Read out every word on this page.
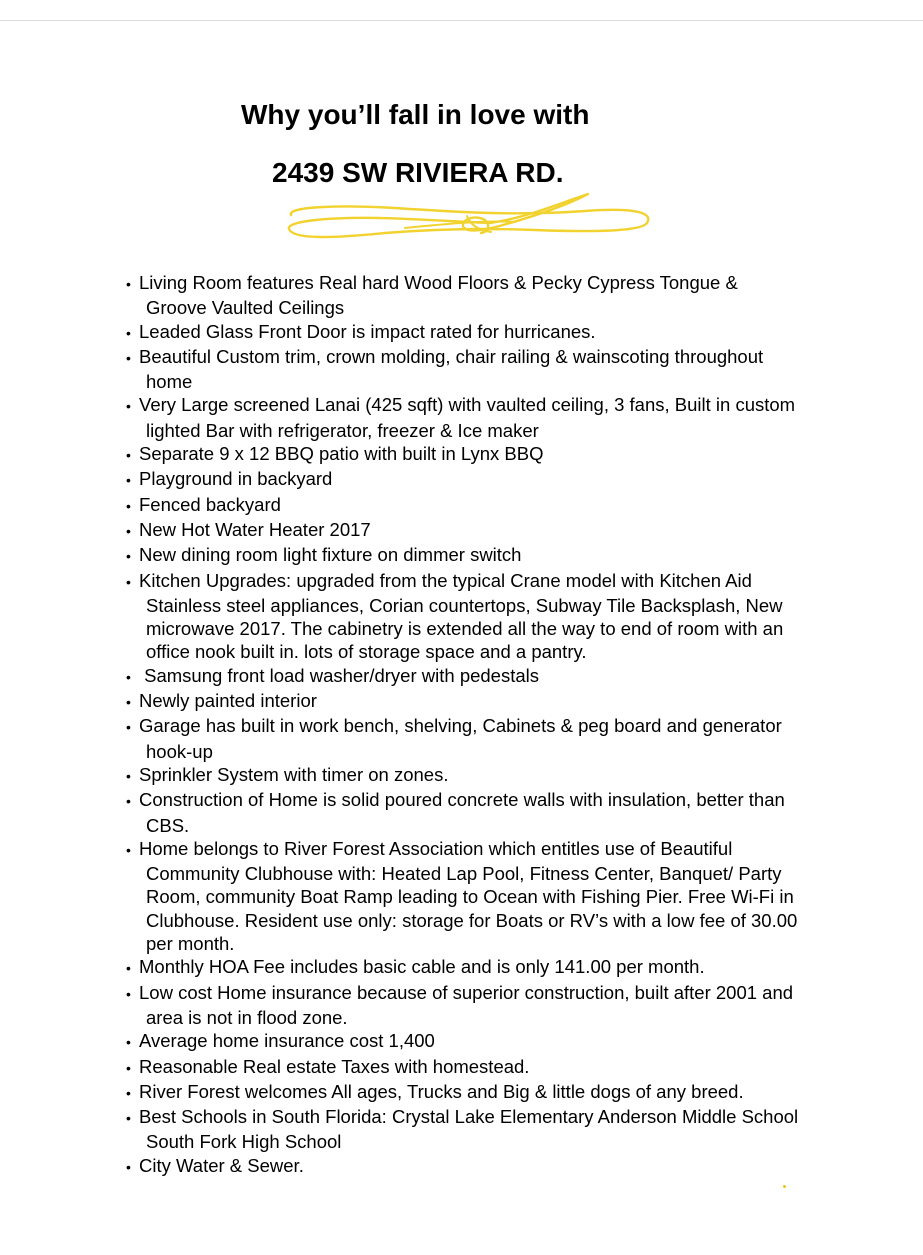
Why you’ll fall in love with
2439 SW RIVIERA RD.
• Living Room features Real hard Wood Floors & Pecky Cypress Tongue & Groove Vaulted Ceilings
• Leaded Glass Front Door is impact rated for hurricanes.
• Beautiful Custom trim, crown molding, chair railing & wainscoting throughout home
• Very Large screened Lanai (425 sqft) with vaulted ceiling, 3 fans, Built in custom lighted Bar with refrigerator, freezer & Ice maker
• Separate 9 x 12 BBQ patio with built in Lynx BBQ
• Playground in backyard
• Fenced backyard
• New Hot Water Heater 2017
• New dining room light fixture on dimmer switch
• Kitchen Upgrades: upgraded from the typical Crane model with Kitchen Aid Stainless steel appliances, Corian countertops, Subway Tile Backsplash, New microwave 2017. The cabinetry is extended all the way to end of room with an office nook built in. lots of storage space and a pantry.
• Samsung front load washer/dryer with pedestals
• Newly painted interior
• Garage has built in work bench, shelving, Cabinets & peg board and generator hook-up
• Sprinkler System with timer on zones.
• Construction of Home is solid poured concrete walls with insulation, better than CBS.
• Home belongs to River Forest Association which entitles use of Beautiful Community Clubhouse with: Heated Lap Pool, Fitness Center, Banquet/ Party Room, community Boat Ramp leading to Ocean with Fishing Pier. Free Wi-Fi in Clubhouse. Resident use only: storage for Boats or RV’s with a low fee of 30.00 per month.
• Monthly HOA Fee includes basic cable and is only 141.00 per month.
• Low cost Home insurance because of superior construction, built after 2001 and area is not in flood zone.
• Average home insurance cost 1,400
• Reasonable Real estate Taxes with homestead.
• River Forest welcomes All ages, Trucks and Big & little dogs of any breed.
• Best Schools in South Florida: Crystal Lake Elementary Anderson Middle School South Fork High School
• City Water & Sewer.
